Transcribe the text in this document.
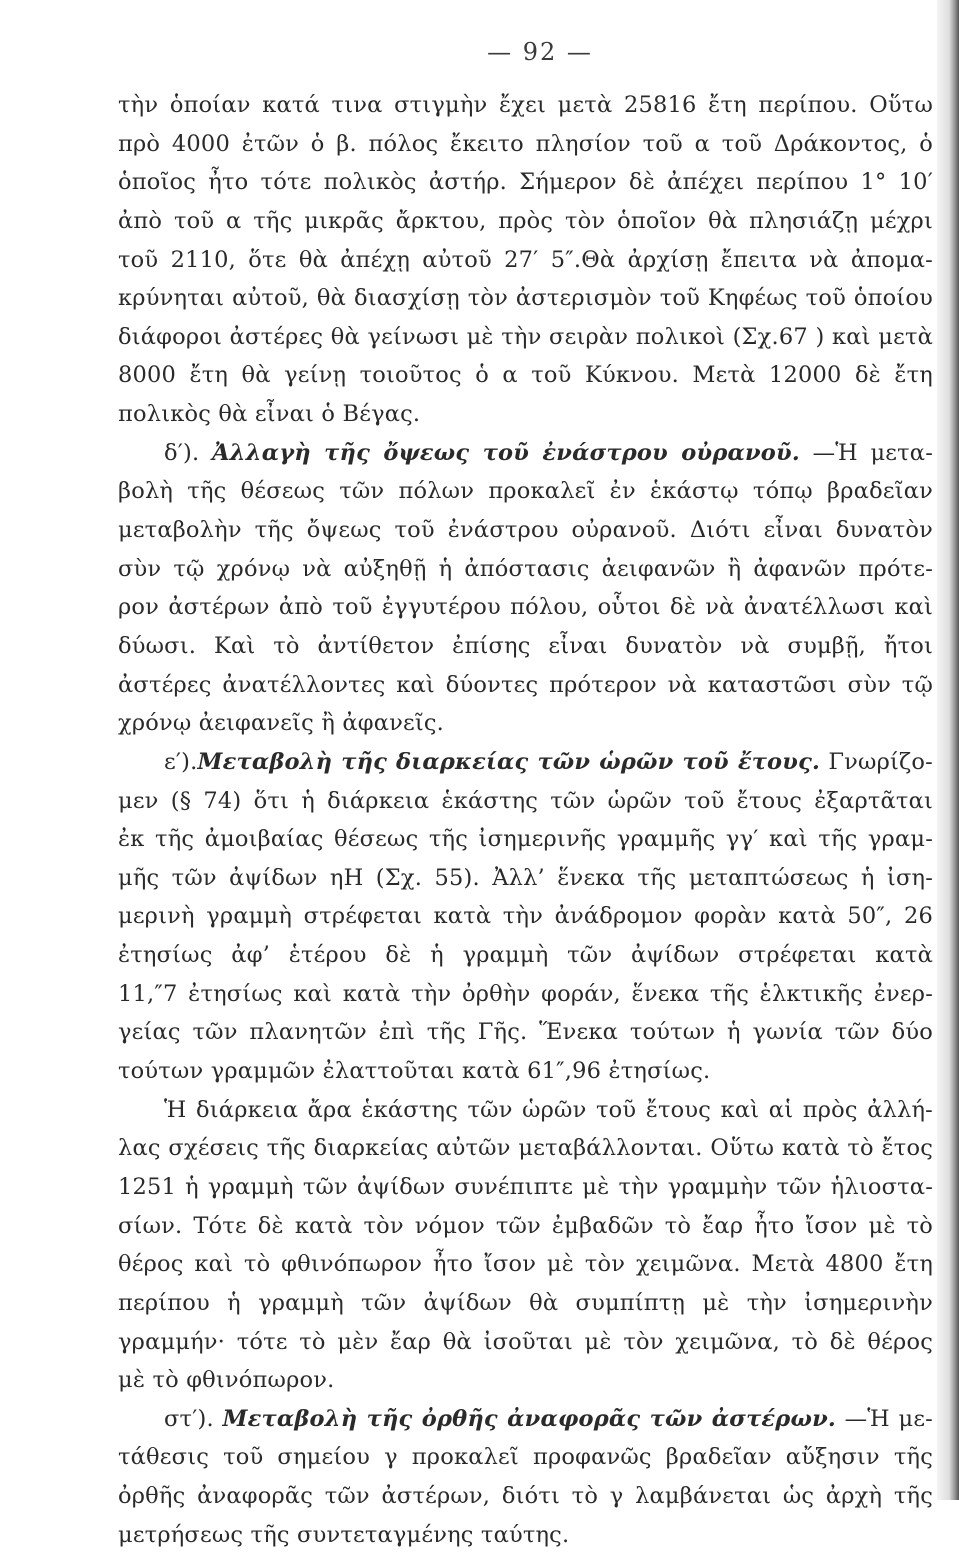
— 92 —
τὴν ὁποίαν κατά τινα στιγμὴν ἔχει μετὰ 25816 ἔτη περίπου. Οὕτω
πρὸ 4000 ἐτῶν ὁ β. πόλος ἔκειτο πλησίον τοῦ α τοῦ Δράκοντος, ὁ
ὁποῖος ἦτο τότε πολικὸς ἀστήρ. Σήμερον δὲ ἀπέχει περίπου 1° 10′
ἀπὸ τοῦ α τῆς μικρᾶς ἄρκτου, πρὸς τὸν ὁποῖον θὰ πλησιάζῃ μέχρι
τοῦ 2110, ὅτε θὰ ἀπέχῃ αὐτοῦ 27′ 5″.Θὰ ἀρχίσῃ ἔπειτα νὰ ἀπομα-
κρύνηται αὐτοῦ, θὰ διασχίσῃ τὸν ἀστερισμὸν τοῦ Κηφέως τοῦ ὁποίου
διάφοροι ἀστέρες θὰ γείνωσι μὲ τὴν σειρὰν πολικοὶ (Σχ.67 ) καὶ μετὰ
8000 ἔτη θὰ γείνῃ τοιοῦτος ὁ α τοῦ Κύκνου. Μετὰ 12000 δὲ ἔτη
πολικὸς θὰ εἶναι ὁ Βέγας.
δ′). Ἀλλαγὴ τῆς ὄψεως τοῦ ἐνάστρου οὐρανοῦ. —Ἡ μετα-
βολὴ τῆς θέσεως τῶν πόλων προκαλεῖ ἐν ἑκάστῳ τόπῳ βραδεῖαν
μεταβολὴν τῆς ὄψεως τοῦ ἐνάστρου οὐρανοῦ. Διότι εἶναι δυνατὸν
σὺν τῷ χρόνῳ νὰ αὐξηθῇ ἡ ἀπόστασις ἀειφανῶν ἢ ἀφανῶν πρότε-
ρον ἀστέρων ἀπὸ τοῦ ἐγγυτέρου πόλου, οὗτοι δὲ νὰ ἀνατέλλωσι καὶ
δύωσι. Καὶ τὸ ἀντίθετον ἐπίσης εἶναι δυνατὸν νὰ συμβῇ, ἤτοι
ἀστέρες ἀνατέλλοντες καὶ δύοντες πρότερον νὰ καταστῶσι σὺν τῷ
χρόνῳ ἀειφανεῖς ἢ ἀφανεῖς.
ε′).Μεταβολὴ τῆς διαρκείας τῶν ὡρῶν τοῦ ἔτους. Γνωρίζο-
μεν (§ 74) ὅτι ἡ διάρκεια ἑκάστης τῶν ὡρῶν τοῦ ἔτους ἐξαρτᾶται
ἐκ τῆς ἀμοιβαίας θέσεως τῆς ἰσημερινῆς γραμμῆς γγ′ καὶ τῆς γραμ-
μῆς τῶν ἀψίδων ηΗ (Σχ. 55). Ἀλλ’ ἕνεκα τῆς μεταπτώσεως ἡ ἰση-
μερινὴ γραμμὴ στρέφεται κατὰ τὴν ἀνάδρομον φορὰν κατὰ 50″, 26
ἐτησίως ἀφ’ ἑτέρου δὲ ἡ γραμμὴ τῶν ἀψίδων στρέφεται κατὰ
11,″7 ἐτησίως καὶ κατὰ τὴν ὀρθὴν φοράν, ἕνεκα τῆς ἑλκτικῆς ἐνερ-
γείας τῶν πλανητῶν ἐπὶ τῆς Γῆς. Ἕνεκα τούτων ἡ γωνία τῶν δύο
τούτων γραμμῶν ἐλαττοῦται κατὰ 61″,96 ἐτησίως.
Ἡ διάρκεια ἄρα ἑκάστης τῶν ὡρῶν τοῦ ἔτους καὶ αἱ πρὸς ἀλλή-
λας σχέσεις τῆς διαρκείας αὐτῶν μεταβάλλονται. Οὕτω κατὰ τὸ ἔτος
1251 ἡ γραμμὴ τῶν ἀψίδων συνέπιπτε μὲ τὴν γραμμὴν τῶν ἡλιοστα-
σίων. Τότε δὲ κατὰ τὸν νόμον τῶν ἐμβαδῶν τὸ ἔαρ ἦτο ἴσον μὲ τὸ
θέρος καὶ τὸ φθινόπωρον ἦτο ἴσον μὲ τὸν χειμῶνα. Μετὰ 4800 ἔτη
περίπου ἡ γραμμὴ τῶν ἀψίδων θὰ συμπίπτῃ μὲ τὴν ἰσημερινὴν
γραμμήν· τότε τὸ μὲν ἔαρ θὰ ἰσοῦται μὲ τὸν χειμῶνα, τὸ δὲ θέρος
μὲ τὸ φθινόπωρον.
στ′). Μεταβολὴ τῆς ὀρθῆς ἀναφορᾶς τῶν ἀστέρων. —Ἡ με-
τάθεσις τοῦ σημείου γ προκαλεῖ προφανῶς βραδεῖαν αὔξησιν τῆς
ὀρθῆς ἀναφορᾶς τῶν ἀστέρων, διότι τὸ γ λαμβάνεται ὡς ἀρχὴ τῆς
μετρήσεως τῆς συντεταγμένης ταύτης.
